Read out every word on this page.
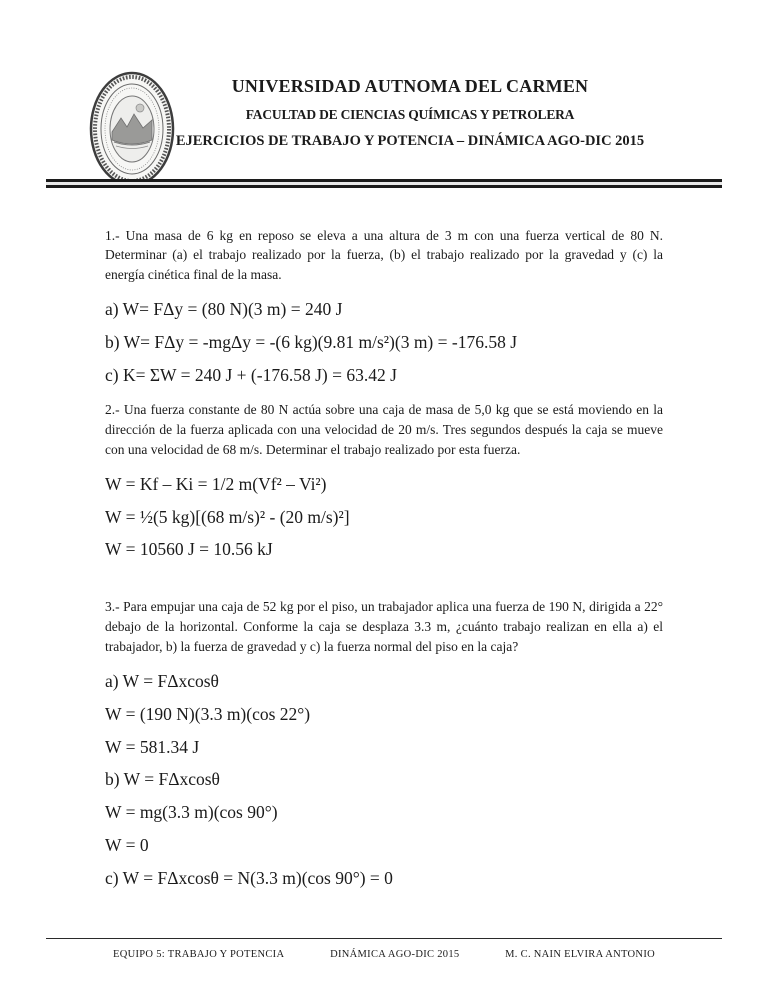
UNIVERSIDAD AUTNOMA DEL CARMEN
FACULTAD DE CIENCIAS QUÍMICAS Y PETROLERA
EJERCICIOS DE TRABAJO Y POTENCIA – DINÁMICA AGO-DIC 2015

1.- Una masa de 6 kg en reposo se eleva a una altura de 3 m con una fuerza vertical de 80 N. Determinar (a) el trabajo realizado por la fuerza, (b) el trabajo realizado por la gravedad y (c) la energía cinética final de la masa.

a) W= FΔy = (80 N)(3 m) = 240 J
b) W= FΔy = -mgΔy = -(6 kg)(9.81 m/s²)(3 m) = -176.58 J
c) K= ΣW = 240 J + (-176.58 J) = 63.42 J

2.- Una fuerza constante de 80 N actúa sobre una caja de masa de 5,0 kg que se está moviendo en la dirección de la fuerza aplicada con una velocidad de 20 m/s. Tres segundos después la caja se mueve con una velocidad de 68 m/s. Determinar el trabajo realizado por esta fuerza.

W = Kf – Ki = 1/2 m(Vf² – Vi²)
W = ½(5 kg)[(68 m/s)² - (20 m/s)²]
W = 10560 J = 10.56 kJ

3.- Para empujar una caja de 52 kg por el piso, un trabajador aplica una fuerza de 190 N, dirigida a 22° debajo de la horizontal. Conforme la caja se desplaza 3.3 m, ¿cuánto trabajo realizan en ella a) el trabajador, b) la fuerza de gravedad y c) la fuerza normal del piso en la caja?

a) W = FΔxcosθ
W = (190 N)(3.3 m)(cos 22°)
W = 581.34 J
b) W = FΔxcosθ
W = mg(3.3 m)(cos 90°)
W = 0
c) W = FΔxcosθ = N(3.3 m)(cos 90°) = 0
EQUIPO 5: TRABAJO Y POTENCIA	DINÁMICA AGO-DIC 2015	M. C. NAIN ELVIRA ANTONIO
